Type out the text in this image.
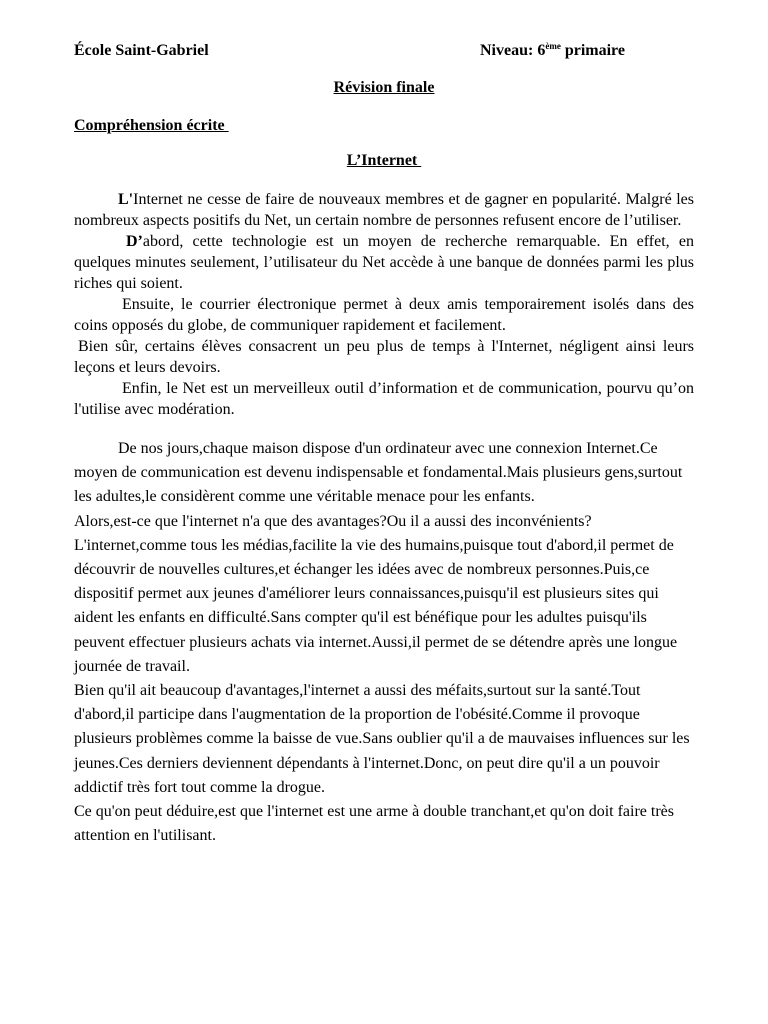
École Saint-Gabriel	Niveau: 6ème primaire
Révision finale
Compréhension écrite
L’Internet

L'Internet ne cesse de faire de nouveaux membres et de gagner en popularité. Malgré les nombreux aspects positifs du Net, un certain nombre de personnes refusent encore de l’utiliser.

D’abord, cette technologie est un moyen de recherche remarquable. En effet, en quelques minutes seulement, l’utilisateur du Net accède à une banque de données parmi les plus riches qui soient.

Ensuite, le courrier électronique permet à deux amis temporairement isolés dans des coins opposés du globe, de communiquer rapidement et facilement.

Bien sûr, certains élèves consacrent un peu plus de temps à l'Internet, négligent ainsi leurs leçons et leurs devoirs.

Enfin, le Net est un merveilleux outil d’information et de communication, pourvu qu’on l'utilise avec modération.

De nos jours,chaque maison dispose d'un ordinateur avec une connexion Internet.Ce moyen de communication est devenu indispensable et fondamental.Mais plusieurs gens,surtout les adultes,le considèrent comme une véritable menace pour les enfants.

Alors,est-ce que l'internet n'a que des avantages?Ou il a aussi des inconvénients?

L'internet,comme tous les médias,facilite la vie des humains,puisque tout d'abord,il permet de découvrir de nouvelles cultures,et échanger les idées avec de nombreux personnes.Puis,ce dispositif permet aux jeunes d'améliorer leurs connaissances,puisqu'il est plusieurs sites qui aident les enfants en difficulté.Sans compter qu'il est bénéfique pour les adultes puisqu'ils peuvent effectuer plusieurs achats via internet.Aussi,il permet de se détendre après une longue journée de travail.

Bien qu'il ait beaucoup d'avantages,l'internet a aussi des méfaits,surtout sur la santé.Tout d'abord,il participe dans l'augmentation de la proportion de l'obésité.Comme il provoque plusieurs problèmes comme la baisse de vue.Sans oublier qu'il a de mauvaises influences sur les jeunes.Ces derniers deviennent dépendants à l'internet.Donc, on peut dire qu'il a un pouvoir addictif très fort tout comme la drogue.

Ce qu'on peut déduire,est que l'internet est une arme à double tranchant,et qu'on doit faire très attention en l'utilisant.
